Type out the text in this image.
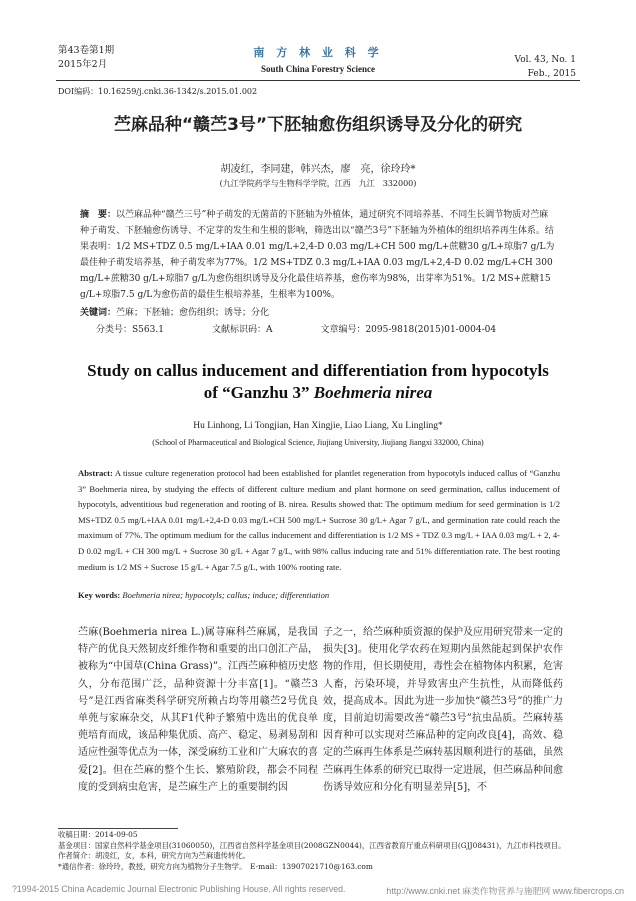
第43卷第1期
2015年2月
南 方 林 业 科 学
South China Forestry Science
Vol. 43, No. 1
Feb., 2015
DOI编码：10.16259/j.cnki.36-1342/s.2015.01.002
苎麻品种“赣苎3号”下胚轴愈伤组织诱导及分化的研究
胡凌红，李同建，韩兴杰，廖　亮，徐玲玲*
(九江学院药学与生物科学学院，江西　九江　332000)
摘　要：以苎麻品种“赣苎三号”种子萌发的无菌苗的下胚轴为外植体，通过研究不同培养基、不同生长调节物质对苎麻种子萌发、下胚轴愈伤诱导、不定芽的发生和生根的影响，筛选出以“赣苎3号”下胚轴为外植体的组织培养再生体系。结果表明：1/2 MS+TDZ 0.5 mg/L+IAA 0.01 mg/L+2,4-D 0.03 mg/L+CH 500 mg/L+蔗糖30 g/L+琼脂7 g/L为最佳种子萌发培养基，种子萌发率为77%。1/2 MS+TDZ 0.3 mg/L+IAA 0.03 mg/L+2,4-D 0.02 mg/L+CH 300 mg/L+蔗糖30 g/L+琼脂7 g/L为愈伤组织诱导及分化最佳培养基，愈伤率为98%，出芽率为51%。1/2 MS+蔗糖15 g/L+琼脂7.5 g/L为愈伤苗的最佳生根培养基，生根率为100%。
关键词：苎麻；下胚轴；愈伤组织；诱导；分化
分类号：S563.1	文献标识码：A	文章编号：2095-9818(2015)01-0004-04
Study on callus inducement and differentiation from hypocotyls
of “Ganzhu 3” Boehmeria nirea
Hu Linhong, Li Tongjian, Han Xingjie, Liao Liang, Xu Lingling*
(School of Pharmaceutical and Biological Science, Jiujiang University, Jiujiang Jiangxi 332000, China)
Abstract: A tissue culture regeneration protocol had been established for plantlet regeneration from hypocotyls induced callus of “Ganzhu 3” Boehmeria nirea, by studying the effects of different culture medium and plant hormone on seed germination, callus inducement of hypocotyls, adventitious bud regeneration and rooting of B. nirea. Results showed that: The optimum medium for seed germination is 1/2 MS+TDZ 0.5 mg/L+IAA 0.01 mg/L+2,4-D 0.03 mg/L+CH 500 mg/L+ Sucrose 30 g/L+ Agar 7 g/L, and germination rate could reach the maximum of 77%. The optimum medium for the callus inducement and differentiation is 1/2 MS + TDZ 0.3 mg/L + IAA 0.03 mg/L + 2, 4-D 0.02 mg/L + CH 300 mg/L + Sucrose 30 g/L + Agar 7 g/L, with 98% callus inducing rate and 51% differentiation rate. The best rooting medium is 1/2 MS + Sucrose 15 g/L + Agar 7.5 g/L, with 100% rooting rate.
Key words: Boehmeria nirea; hypocotyls; callus; induce; differentiation
苎麻(Boehmeria nirea L.)属荨麻科苎麻属，是我国特产的优良天然韧皮纤维作物和重要的出口创汇产品，被称为“中国草(China Grass)”。江西苎麻种植历史悠久，分布范围广泛，品种资源十分丰富[1]。“赣苎3号”是江西省麻类科学研究所赖占均等用赣苎2号优良单蔸与家麻杂交，从其F1代种子繁殖中选出的优良单蔸培育而成，该品种集优质、高产、稳定、易剥易刮和适应性强等优点为一体，深受麻纺工业和广大麻农的喜爱[2]。但在苎麻的整个生长、繁殖阶段，都会不同程度的受到病虫危害，是苎麻生产上的重要制约因
子之一，给苎麻种质资源的保护及应用研究带来一定的损失[3]。使用化学农药在短期内虽然能起到保护农作物的作用，但长期使用，毒性会在植物体内积累，危害人畜，污染环境，并导致害虫产生抗性，从而降低药效，提高成本。因此为进一步加快“赣苎3号”的推广力度，目前迫切需要改善“赣苎3号”抗虫品质。苎麻转基因育种可以实现对苎麻品种的定向改良[4]，高效、稳定的苎麻再生体系是苎麻转基因顺利进行的基础，虽然苎麻再生体系的研究已取得一定进展，但苎麻品种间愈伤诱导效应和分化有明显差异[5]，不
收稿日期：2014-09-05
基金项目：国家自然科学基金项目(31060050)，江西省自然科学基金项目(2008GZN0044)，江西省教育厅重点科研项目(GJJ08431)，九江市科技项目。
作者简介：胡凌红，女，本科，研究方向为苎麻遗传转化。
*通信作者：徐玲玲，教授，研究方向为植物分子生物学。　E-mail：13907021710@163.com
?1994-2015 China Academic Journal Electronic Publishing House. All rights reserved.	http://www.cnki.net 麻类作物营养与施肥网 www.fibercrops.cn
